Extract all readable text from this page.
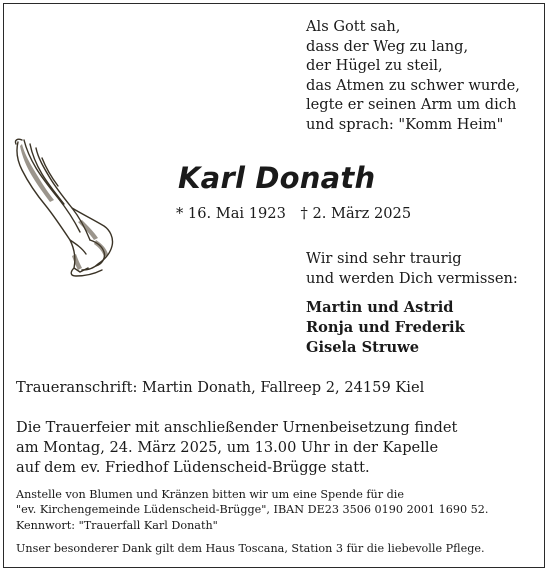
Als Gott sah,
dass der Weg zu lang,
der Hügel zu steil,
das Atmen zu schwer wurde,
legte er seinen Arm um dich
und sprach: "Komm Heim"
Karl Donath
* 16. Mai 1923 † 2. März 2025
Wir sind sehr traurig
und werden Dich vermissen:
Martin und Astrid
Ronja und Frederik
Gisela Struwe
Traueranschrift: Martin Donath, Fallreep 2, 24159 Kiel
Die Trauerfeier mit anschließender Urnenbeisetzung findet
am Montag, 24. März 2025, um 13.00 Uhr in der Kapelle
auf dem ev. Friedhof Lüdenscheid-Brügge statt.
Anstelle von Blumen und Kränzen bitten wir um eine Spende für die
"ev. Kirchengemeinde Lüdenscheid-Brügge", IBAN DE23 3506 0190 2001 1690 52.
Kennwort: "Trauerfall Karl Donath"
Unser besonderer Dank gilt dem Haus Toscana, Station 3 für die liebevolle Pflege.
